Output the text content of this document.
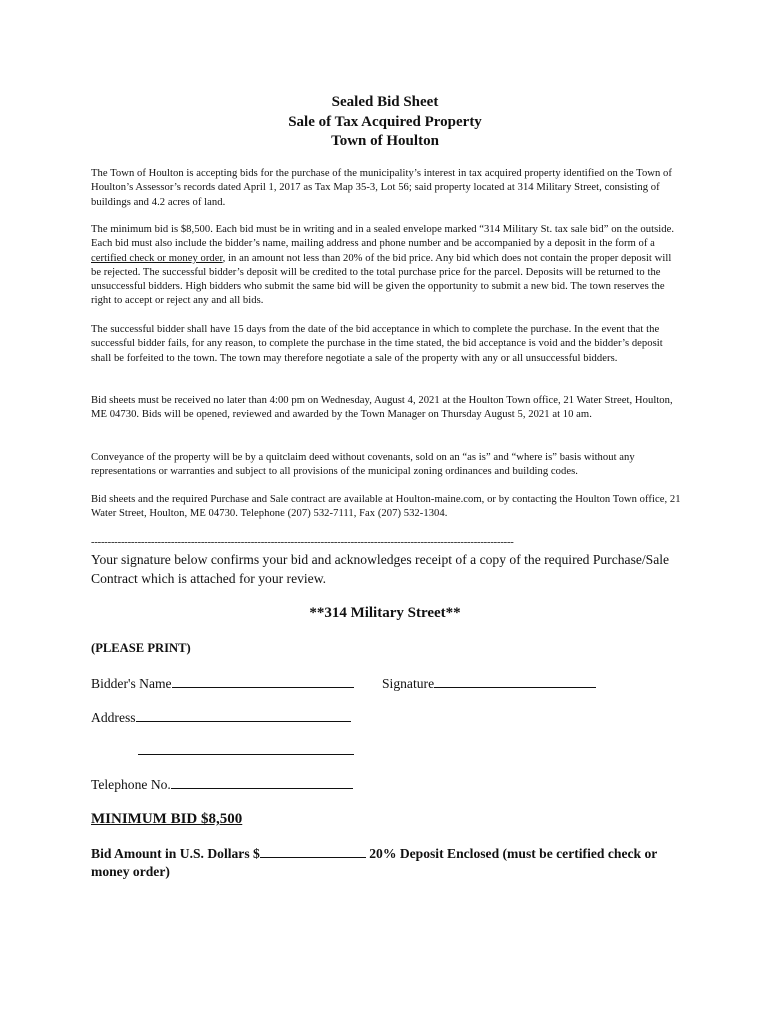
Sealed Bid Sheet
Sale of Tax Acquired Property
Town of Houlton
The Town of Houlton is accepting bids for the purchase of the municipality’s interest in tax acquired property identified on the Town of Houlton’s Assessor’s records dated April 1, 2017 as Tax Map 35-3, Lot 56; said property located at 314 Military Street, consisting of buildings and 4.2 acres of land.
The minimum bid is $8,500. Each bid must be in writing and in a sealed envelope marked “314 Military St. tax sale bid” on the outside. Each bid must also include the bidder’s name, mailing address and phone number and be accompanied by a deposit in the form of a certified check or money order, in an amount not less than 20% of the bid price. Any bid which does not contain the proper deposit will be rejected. The successful bidder’s deposit will be credited to the total purchase price for the parcel. Deposits will be returned to the unsuccessful bidders. High bidders who submit the same bid will be given the opportunity to submit a new bid. The town reserves the right to accept or reject any and all bids.
The successful bidder shall have 15 days from the date of the bid acceptance in which to complete the purchase. In the event that the successful bidder fails, for any reason, to complete the purchase in the time stated, the bid acceptance is void and the bidder’s deposit shall be forfeited to the town. The town may therefore negotiate a sale of the property with any or all unsuccessful bidders.
Bid sheets must be received no later than 4:00 pm on Wednesday, August 4, 2021 at the Houlton Town office, 21 Water Street, Houlton, ME 04730. Bids will be opened, reviewed and awarded by the Town Manager on Thursday August 5, 2021 at 10 am.
Conveyance of the property will be by a quitclaim deed without covenants, sold on an “as is” and “where is” basis without any representations or warranties and subject to all provisions of the municipal zoning ordinances and building codes.
Bid sheets and the required Purchase and Sale contract are available at Houlton-maine.com, or by contacting the Houlton Town office, 21 Water Street, Houlton, ME 04730. Telephone (207) 532-7111, Fax (207) 532-1304.
-------------------------------------------------------------------------------------------------------------------------------
Your signature below confirms your bid and acknowledges receipt of a copy of the required Purchase/Sale Contract which is attached for your review.
**314 Military Street**
(PLEASE PRINT)
Bidder's Name	Signature
Address
Telephone No.
MINIMUM BID $8,500
Bid Amount in U.S. Dollars $	20% Deposit Enclosed (must be certified check or money order)
